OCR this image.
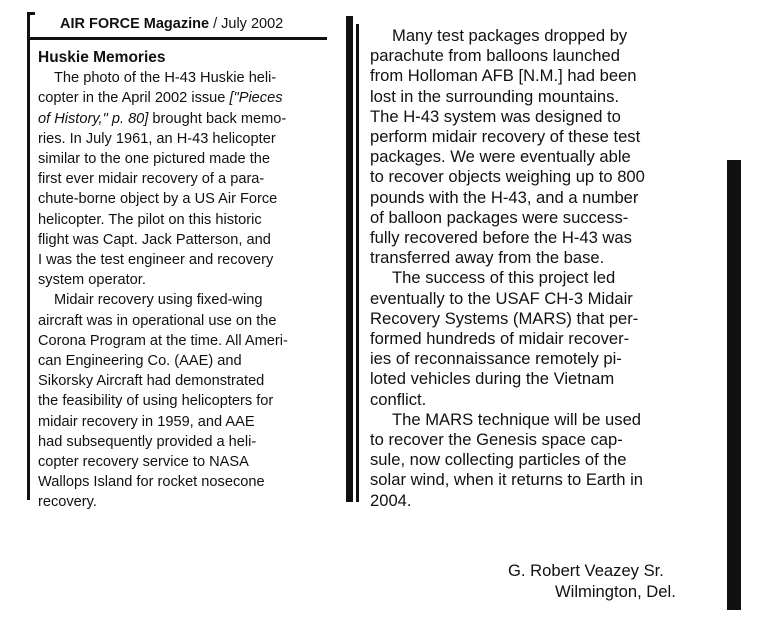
AIR FORCE Magazine / July 2002
Huskie Memories
The photo of the H-43 Huskie heli-
copter in the April 2002 issue ["Pieces
of History," p. 80] brought back memo-
ries. In July 1961, an H-43 helicopter
similar to the one pictured made the
first ever midair recovery of a para-
chute-borne object by a US Air Force
helicopter. The pilot on this historic
flight was Capt. Jack Patterson, and
I was the test engineer and recovery
system operator.
Midair recovery using fixed-wing
aircraft was in operational use on the
Corona Program at the time. All Ameri-
can Engineering Co. (AAE) and
Sikorsky Aircraft had demonstrated
the feasibility of using helicopters for
midair recovery in 1959, and AAE
had subsequently provided a heli-
copter recovery service to NASA
Wallops Island for rocket nosecone
recovery.
Many test packages dropped by
parachute from balloons launched
from Holloman AFB [N.M.] had been
lost in the surrounding mountains.
The H-43 system was designed to
perform midair recovery of these test
packages. We were eventually able
to recover objects weighing up to 800
pounds with the H-43, and a number
of balloon packages were success-
fully recovered before the H-43 was
transferred away from the base.
The success of this project led
eventually to the USAF CH-3 Midair
Recovery Systems (MARS) that per-
formed hundreds of midair recover-
ies of reconnaissance remotely pi-
loted vehicles during the Vietnam
conflict.
The MARS technique will be used
to recover the Genesis space cap-
sule, now collecting particles of the
solar wind, when it returns to Earth in
2004.
G. Robert Veazey Sr.
Wilmington, Del.
